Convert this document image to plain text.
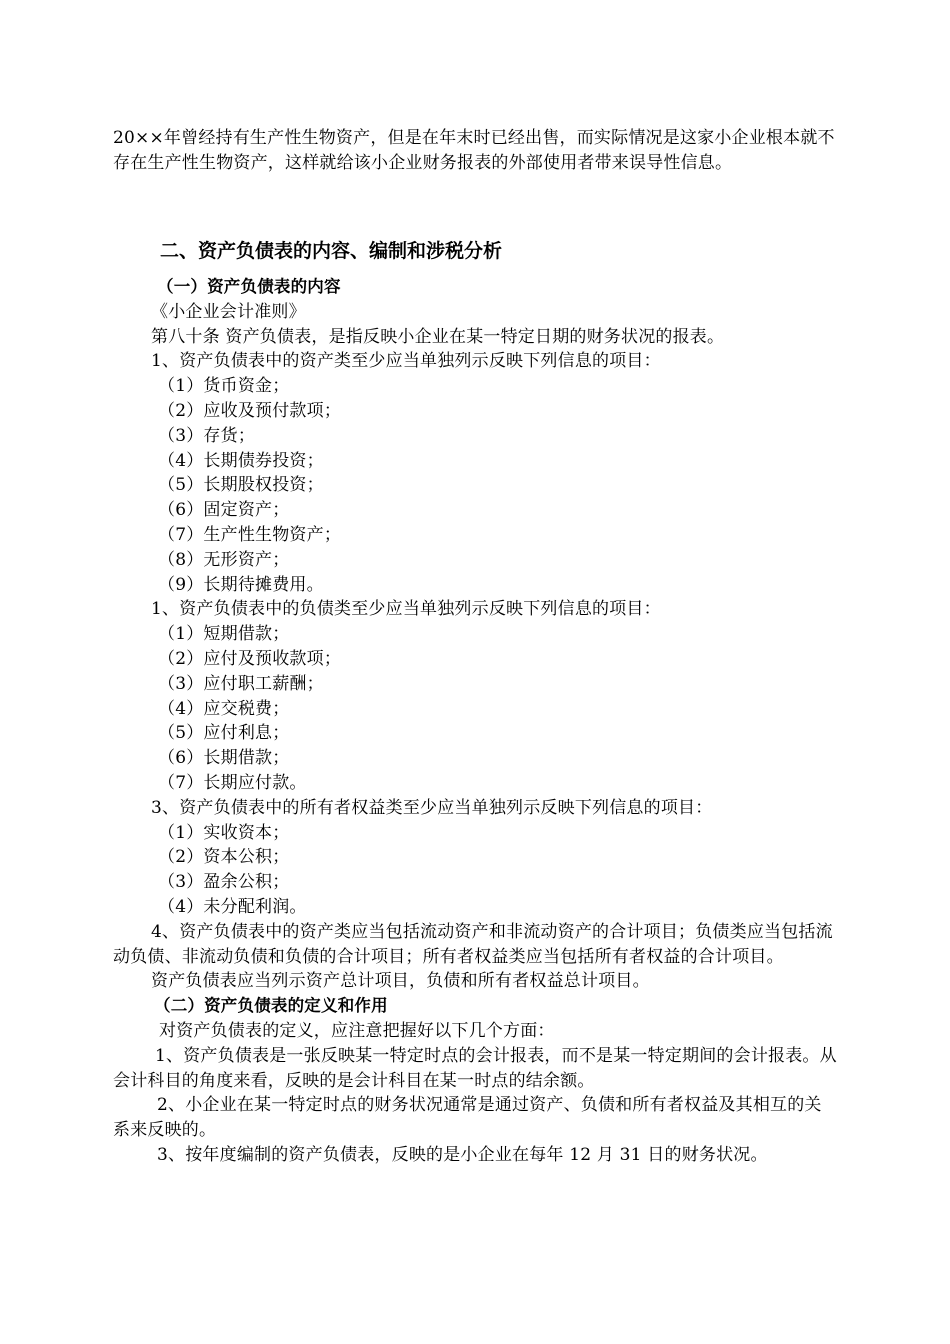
20××年曾经持有生产性生物资产，但是在年末时已经出售，而实际情况是这家小企业根本就不存在生产性生物资产，这样就给该小企业财务报表的外部使用者带来误导性信息。

二、资产负债表的内容、编制和涉税分析

（一）资产负债表的内容

《小企业会计准则》

第八十条 资产负债表，是指反映小企业在某一特定日期的财务状况的报表。

1、资产负债表中的资产类至少应当单独列示反映下列信息的项目：

（1）货币资金；

（2）应收及预付款项；

（3）存货；

（4）长期债券投资；

（5）长期股权投资；

（6）固定资产；

（7）生产性生物资产；

（8）无形资产；

（9）长期待摊费用。

1、资产负债表中的负债类至少应当单独列示反映下列信息的项目：

（1）短期借款；

（2）应付及预收款项；

（3）应付职工薪酬；

（4）应交税费；

（5）应付利息；

（6）长期借款；

（7）长期应付款。

3、资产负债表中的所有者权益类至少应当单独列示反映下列信息的项目：

（1）实收资本；

（2）资本公积；

（3）盈余公积；

（4）未分配利润。

4、资产负债表中的资产类应当包括流动资产和非流动资产的合计项目；负债类应当包括流动负债、非流动负债和负债的合计项目；所有者权益类应当包括所有者权益的合计项目。

资产负债表应当列示资产总计项目，负债和所有者权益总计项目。

（二）资产负债表的定义和作用

对资产负债表的定义，应注意把握好以下几个方面：

1、资产负债表是一张反映某一特定时点的会计报表，而不是某一特定期间的会计报表。从会计科目的角度来看，反映的是会计科目在某一时点的结余额。

2、小企业在某一特定时点的财务状况通常是通过资产、负债和所有者权益及其相互的关系来反映的。

3、按年度编制的资产负债表，反映的是小企业在每年 12 月 31 日的财务状况。
